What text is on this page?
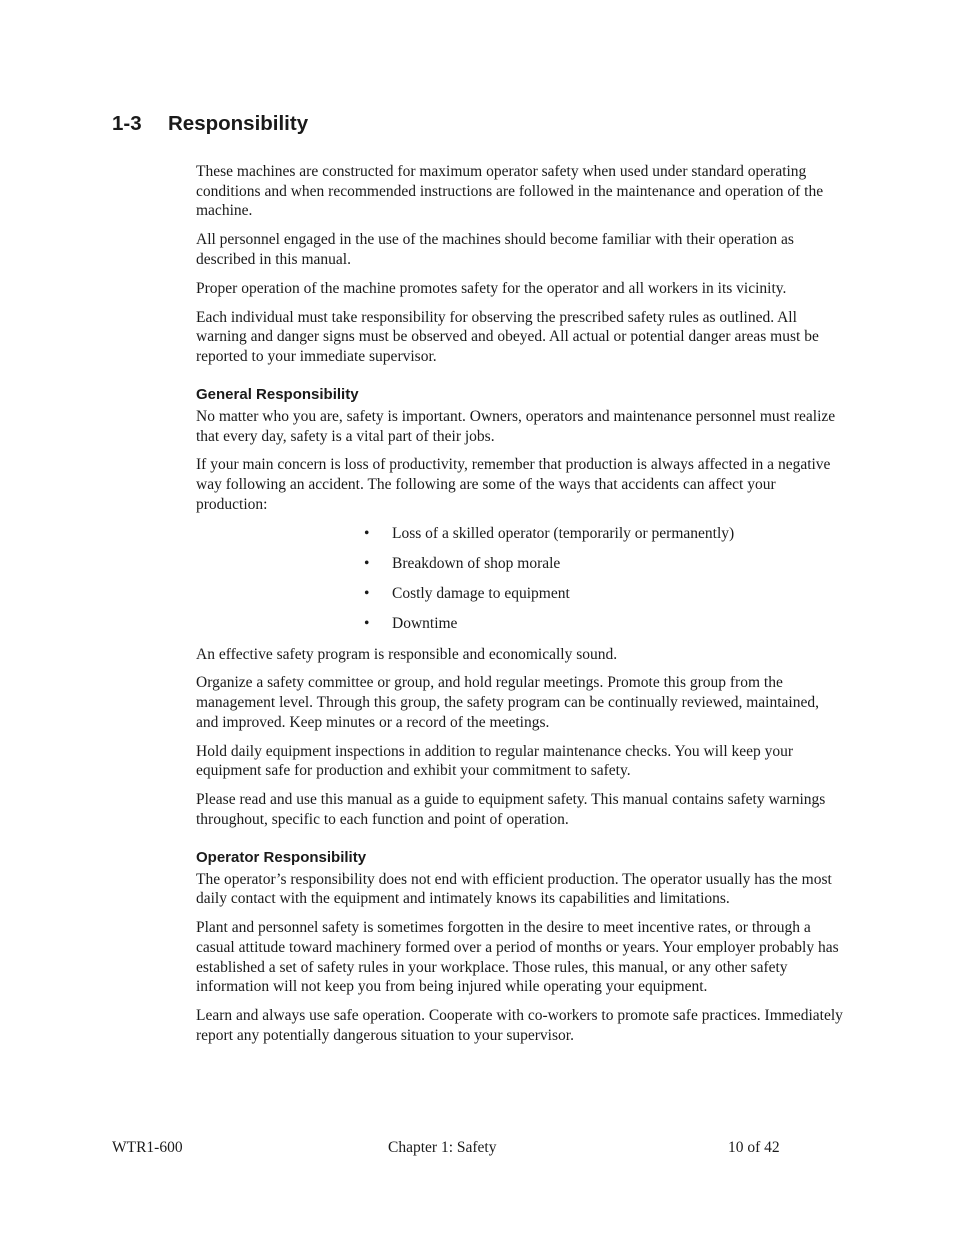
1-3 Responsibility

These machines are constructed for maximum operator safety when used under standard operating conditions and when recommended instructions are followed in the maintenance and operation of the machine.

All personnel engaged in the use of the machines should become familiar with their operation as described in this manual.

Proper operation of the machine promotes safety for the operator and all workers in its vicinity.

Each individual must take responsibility for observing the prescribed safety rules as outlined. All warning and danger signs must be observed and obeyed. All actual or potential danger areas must be reported to your immediate supervisor.

General Responsibility

No matter who you are, safety is important. Owners, operators and maintenance personnel must realize that every day, safety is a vital part of their jobs.

If your main concern is loss of productivity, remember that production is always affected in a negative way following an accident. The following are some of the ways that accidents can affect your production:

• Loss of a skilled operator (temporarily or permanently)
• Breakdown of shop morale
• Costly damage to equipment
• Downtime

An effective safety program is responsible and economically sound.

Organize a safety committee or group, and hold regular meetings. Promote this group from the management level. Through this group, the safety program can be continually reviewed, maintained, and improved. Keep minutes or a record of the meetings.

Hold daily equipment inspections in addition to regular maintenance checks. You will keep your equipment safe for production and exhibit your commitment to safety.

Please read and use this manual as a guide to equipment safety. This manual contains safety warnings throughout, specific to each function and point of operation.

Operator Responsibility

The operator’s responsibility does not end with efficient production. The operator usually has the most daily contact with the equipment and intimately knows its capabilities and limitations.

Plant and personnel safety is sometimes forgotten in the desire to meet incentive rates, or through a casual attitude toward machinery formed over a period of months or years. Your employer probably has established a set of safety rules in your workplace. Those rules, this manual, or any other safety information will not keep you from being injured while operating your equipment.

Learn and always use safe operation. Cooperate with co-workers to promote safe practices. Immediately report any potentially dangerous situation to your supervisor.

WTR1-600	Chapter 1: Safety	10 of 42
